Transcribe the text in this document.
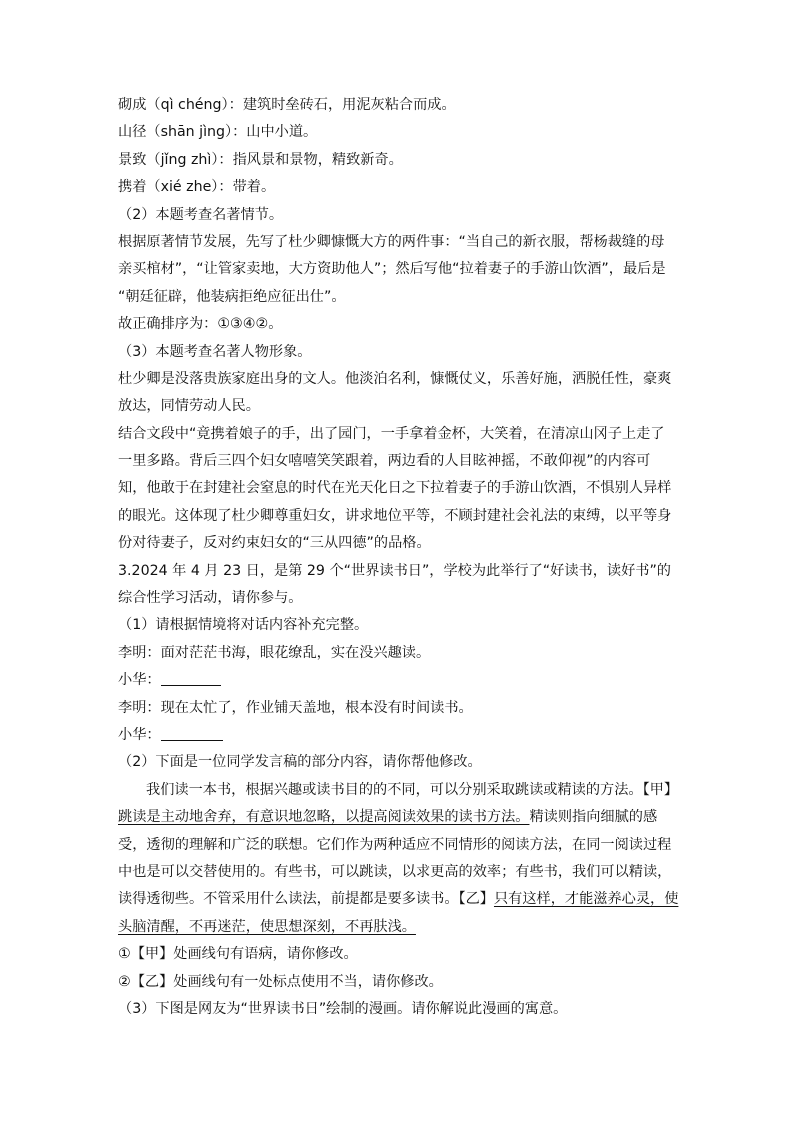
砌成（qì chéng）：建筑时垒砖石，用泥灰粘合而成。

山径（shān jìng）：山中小道。

景致（jǐng zhì）：指风景和景物，精致新奇。

携着（xié zhe）：带着。

（2）本题考查名著情节。

根据原著情节发展，先写了杜少卿慷慨大方的两件事：“当自己的新衣服，帮杨裁缝的母

亲买棺材”，“让管家卖地，大方资助他人”；然后写他“拉着妻子的手游山饮酒”，最后是

“朝廷征辟，他装病拒绝应征出仕”。

故正确排序为：①③④②。

（3）本题考查名著人物形象。

杜少卿是没落贵族家庭出身的文人。他淡泊名利，慷慨仗义，乐善好施，洒脱任性，豪爽

放达，同情劳动人民。

结合文段中“竟携着娘子的手，出了园门，一手拿着金杯，大笑着，在清凉山冈子上走了

一里多路。背后三四个妇女嘻嘻笑笑跟着，两边看的人目眩神摇，不敢仰视”的内容可

知，他敢于在封建社会窒息的时代在光天化日之下拉着妻子的手游山饮酒，不惧别人异样

的眼光。这体现了杜少卿尊重妇女，讲求地位平等，不顾封建社会礼法的束缚，以平等身

份对待妻子，反对约束妇女的“三从四德”的品格。

3.2024 年 4 月 23 日，是第 29 个“世界读书日”，学校为此举行了“好读书，读好书”的

综合性学习活动，请你参与。

（1）请根据情境将对话内容补充完整。

李明：面对茫茫书海，眼花缭乱，实在没兴趣读。

小华：

李明：现在太忙了，作业铺天盖地，根本没有时间读书。

小华：

（2）下面是一位同学发言稿的部分内容，请你帮他修改。

我们读一本书，根据兴趣或读书目的的不同，可以分别采取跳读或精读的方法。【甲】

跳读是主动地舍弃，有意识地忽略，以提高阅读效果的读书方法。精读则指向细腻的感

受，透彻的理解和广泛的联想。它们作为两种适应不同情形的阅读方法，在同一阅读过程

中也是可以交替使用的。有些书，可以跳读，以求更高的效率；有些书，我们可以精读，

读得透彻些。不管采用什么读法，前提都是要多读书。【乙】只有这样，才能滋养心灵，使

头脑清醒，不再迷茫，使思想深刻，不再肤浅。

①【甲】处画线句有语病，请你修改。

②【乙】处画线句有一处标点使用不当，请你修改。

（3）下图是网友为“世界读书日”绘制的漫画。请你解说此漫画的寓意。
